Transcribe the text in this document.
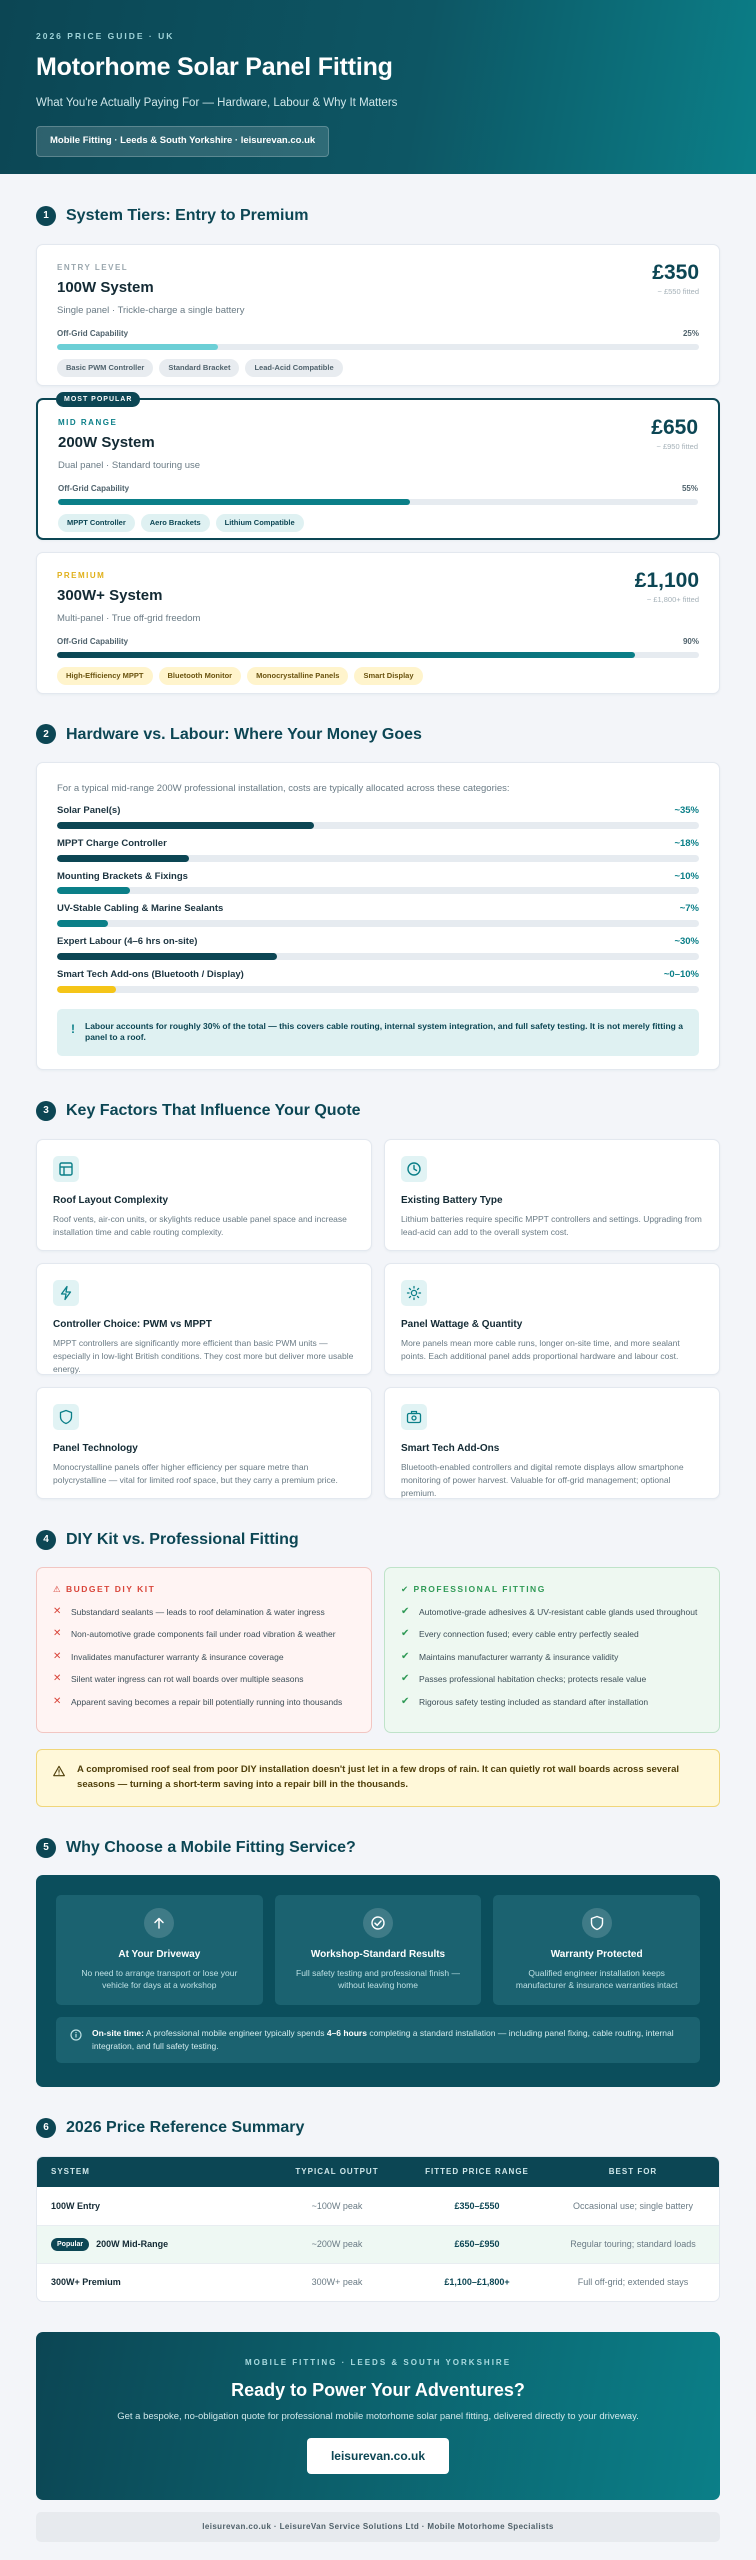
2026 PRICE GUIDE · UK
Motorhome Solar Panel Fitting
What You're Actually Paying For — Hardware, Labour & Why It Matters
Mobile Fitting · Leeds & South Yorkshire · leisurevan.co.uk
1	System Tiers: Entry to Premium
ENTRY LEVEL
100W System
Single panel · Trickle-charge a single battery
£350
~ £550 fitted
Off-Grid Capability	25%
Basic PWM Controller	Standard Bracket	Lead-Acid Compatible
MOST POPULAR
MID RANGE
200W System
Dual panel · Standard touring use
£650
~ £950 fitted
Off-Grid Capability	55%
MPPT Controller	Aero Brackets	Lithium Compatible
PREMIUM
300W+ System
Multi-panel · True off-grid freedom
£1,100
~ £1,800+ fitted
Off-Grid Capability	90%
High-Efficiency MPPT	Bluetooth Monitor	Monocrystalline Panels	Smart Display
2	Hardware vs. Labour: Where Your Money Goes
For a typical mid-range 200W professional installation, costs are typically allocated across these categories:
Solar Panel(s)	~35%
MPPT Charge Controller	~18%
Mounting Brackets & Fixings	~10%
UV-Stable Cabling & Marine Sealants	~7%
Expert Labour (4–6 hrs on-site)	~30%
Smart Tech Add-ons (Bluetooth / Display)	~0–10%
! Labour accounts for roughly 30% of the total — this covers cable routing, internal system integration, and full safety testing. It is not merely fitting a panel to a roof.
3	Key Factors That Influence Your Quote
Roof Layout Complexity
Roof vents, air-con units, or skylights reduce usable panel space and increase installation time and cable routing complexity.
Existing Battery Type
Lithium batteries require specific MPPT controllers and settings. Upgrading from lead-acid can add to the overall system cost.
Controller Choice: PWM vs MPPT
MPPT controllers are significantly more efficient than basic PWM units — especially in low-light British conditions. They cost more but deliver more usable energy.
Panel Wattage & Quantity
More panels mean more cable runs, longer on-site time, and more sealant points. Each additional panel adds proportional hardware and labour cost.
Panel Technology
Monocrystalline panels offer higher efficiency per square metre than polycrystalline — vital for limited roof space, but they carry a premium price.
Smart Tech Add-Ons
Bluetooth-enabled controllers and digital remote displays allow smartphone monitoring of power harvest. Valuable for off-grid management; optional premium.
4	DIY Kit vs. Professional Fitting
⚠ BUDGET DIY KIT
✕ Substandard sealants — leads to roof delamination & water ingress
✕ Non-automotive grade components fail under road vibration & weather
✕ Invalidates manufacturer warranty & insurance coverage
✕ Silent water ingress can rot wall boards over multiple seasons
✕ Apparent saving becomes a repair bill potentially running into thousands
✔ PROFESSIONAL FITTING
✔ Automotive-grade adhesives & UV-resistant cable glands used throughout
✔ Every connection fused; every cable entry perfectly sealed
✔ Maintains manufacturer warranty & insurance validity
✔ Passes professional habitation checks; protects resale value
✔ Rigorous safety testing included as standard after installation
A compromised roof seal from poor DIY installation doesn't just let in a few drops of rain. It can quietly rot wall boards across several seasons — turning a short-term saving into a repair bill in the thousands.
5	Why Choose a Mobile Fitting Service?
At Your Driveway
No need to arrange transport or lose your vehicle for days at a workshop
Workshop-Standard Results
Full safety testing and professional finish — without leaving home
Warranty Protected
Qualified engineer installation keeps manufacturer & insurance warranties intact
On-site time: A professional mobile engineer typically spends 4–6 hours completing a standard installation — including panel fixing, cable routing, internal integration, and full safety testing.
6	2026 Price Reference Summary
SYSTEM	TYPICAL OUTPUT	FITTED PRICE RANGE	BEST FOR
100W Entry	~100W peak	£350–£550	Occasional use; single battery
Popular	200W Mid-Range	~200W peak	£650–£950	Regular touring; standard loads
300W+ Premium	300W+ peak	£1,100–£1,800+	Full off-grid; extended stays
MOBILE FITTING · LEEDS & SOUTH YORKSHIRE
Ready to Power Your Adventures?
Get a bespoke, no-obligation quote for professional mobile motorhome solar panel fitting, delivered directly to your driveway.
leisurevan.co.uk
leisurevan.co.uk · LeisureVan Service Solutions Ltd · Mobile Motorhome Specialists
